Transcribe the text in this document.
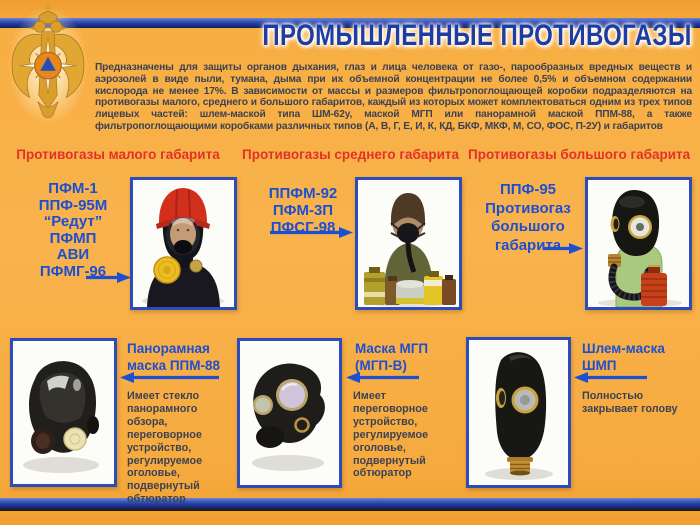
ПРОМЫШЛЕННЫЕ ПРОТИВОГАЗЫ

Предназначены для защиты органов дыхания, глаз и лица человека от газо-, парообразных вредных веществ и аэрозолей в виде пыли, тумана, дыма при их объемной концентрации не более 0,5% и объемном содержании кислорода не менее 17%. В зависимости от массы и размеров фильтропоглощающей коробки подразделяются на противогазы малого, среднего и большого габаритов, каждый из которых может комплектоваться одним из трех типов лицевых частей: шлем-маской типа ШМ-62у, маской МГП или панорамной маской ППМ-88, а также фильтропоглощающими коробками различных типов (А, В, Г, Е, И, К, КД, БКФ, МКФ, М, СО, ФОС, П-2У) и габаритов

Противогазы малого габарита Противогазы среднего габарита Противогазы большого габарита
ПФМ-1
ППФ-95М
“Редут”
ПФМП
АВИ
ПФМГ-96
ППФМ-92
ПФМ-3П
ПФСГ-98
ППФ-95
Противогаз
большого
габарита
Панорамная маска ППМ-88
Маска МГП (МГП-В)
Шлем-маска ШМП
Имеет стекло панорамного обзора, переговорное устройство, регулируемое оголовье, подвернутый обтюратор
Имеет переговорное устройство, регулируемое оголовье, подвернутый обтюратор
Полностью закрывает голову
